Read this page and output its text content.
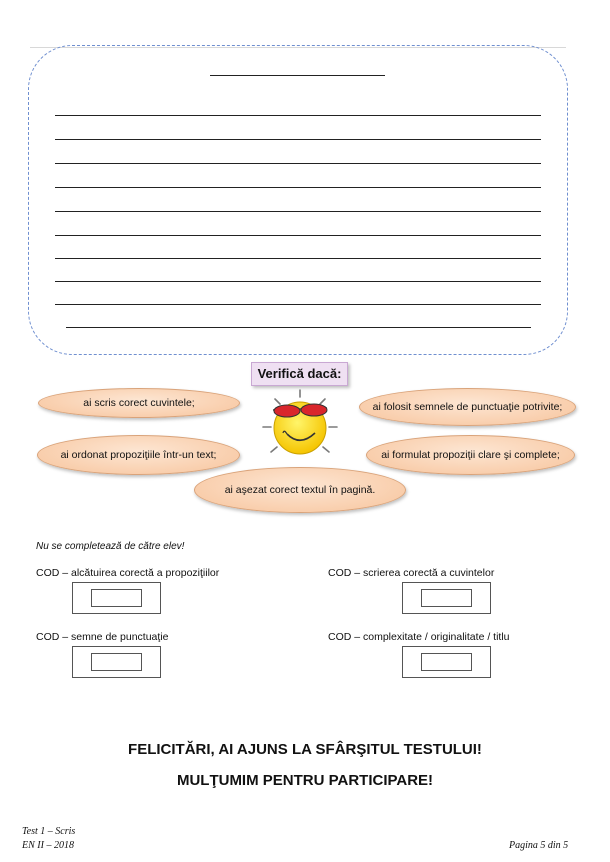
Verifică dacă:
ai scris corect cuvintele;	ai folosit semnele de punctuaţie potrivite;
ai ordonat propoziţiile într-un text;	ai formulat propoziţii clare şi complete;
ai aşezat corect textul în pagină.
Nu se completează de către elev!
COD – alcătuirea corectă a propoziţiilor	COD – scrierea corectă a cuvintelor
COD – semne de punctuaţie	COD – complexitate / originalitate / titlu
FELICITĂRI, AI AJUNS LA SFÂRŞITUL TESTULUI!
MULŢUMIM PENTRU PARTICIPARE!
Test 1 – Scris
EN II – 2018	Pagina 5 din 5
